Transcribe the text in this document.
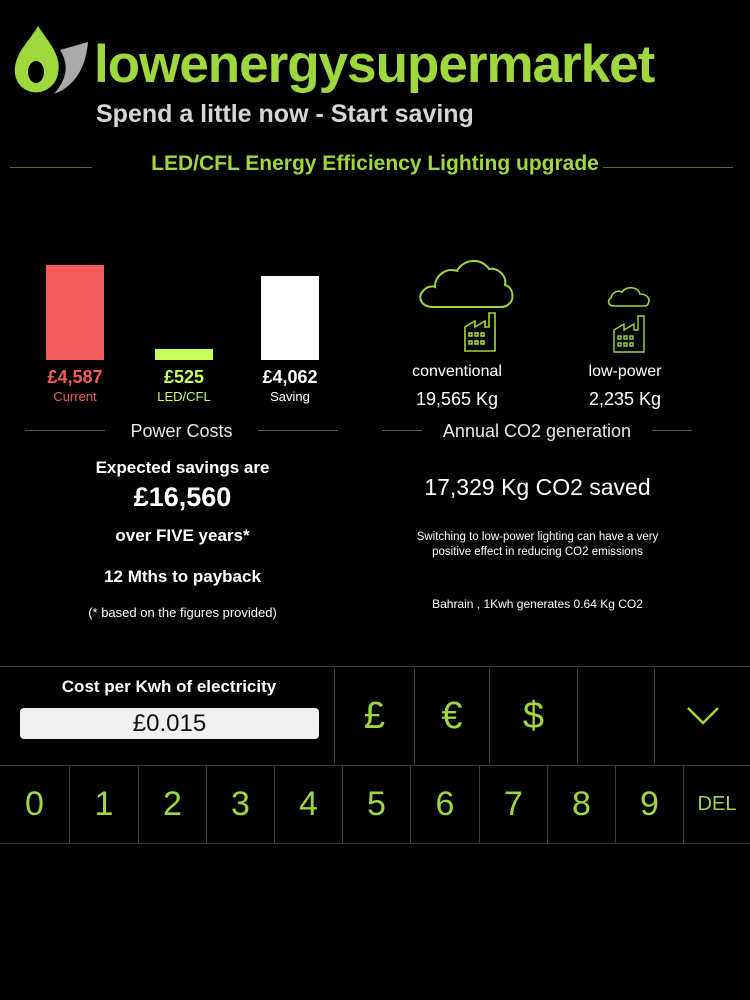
lowenergysupermarket
Spend a little now - Start saving
LED/CFL Energy Efficiency Lighting upgrade
£4,587	£525	£4,062
Current	LED/CFL	Saving
conventional
19,565 Kg
low-power
2,235 Kg
Power Costs	Annual CO2 generation
Expected savings are
£16,560
over FIVE years*
12 Mths to payback
(* based on the figures provided)
17,329 Kg CO2 saved
Switching to low-power lighting can have a very
positive effect in reducing CO2 emissions
Bahrain , 1Kwh generates 0.64 Kg CO2
Cost per Kwh of electricity
£0.015	£	€	$
0	1	2	3	4	5	6	7	8	9	DEL
